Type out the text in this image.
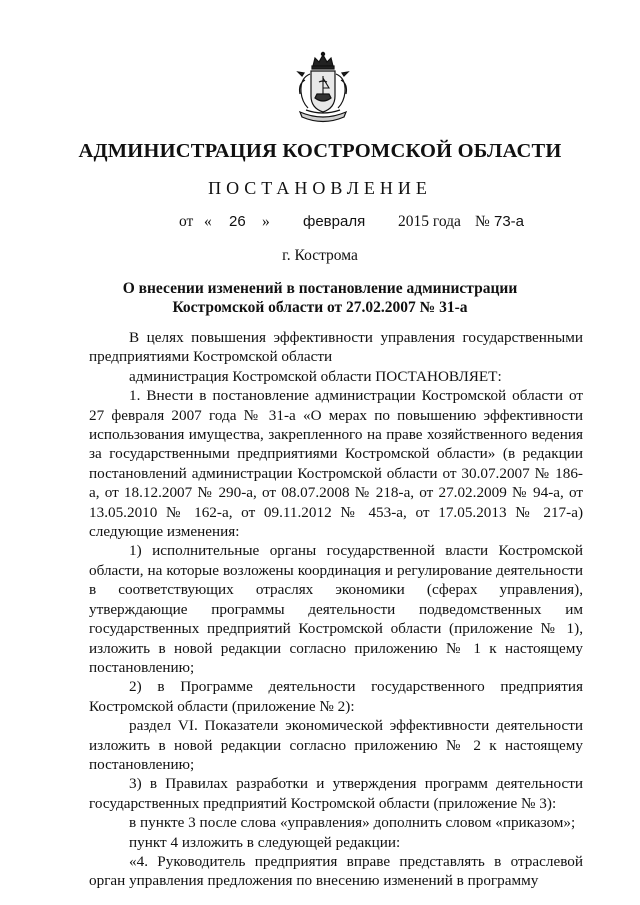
АДМИНИСТРАЦИЯ КОСТРОМСКОЙ ОБЛАСТИ
ПОСТАНОВЛЕНИЕ
от « 26 » февраля 2015 года № 73-а
г. Кострома
О внесении изменений в постановление администрации
Костромской области от 27.02.2007 № 31-а

В целях повышения эффективности управления государственными предприятиями Костромской области

администрация Костромской области ПОСТАНОВЛЯЕТ:

1. Внести в постановление администрации Костромской области от 27 февраля 2007 года № 31-а «О мерах по повышению эффективности использования имущества, закрепленного на праве хозяйственного ведения за государственными предприятиями Костромской области» (в редакции постановлений администрации Костромской области от 30.07.2007 № 186-а, от 18.12.2007 № 290-а, от 08.07.2008 № 218-а, от 27.02.2009 № 94-а, от 13.05.2010 № 162-а, от 09.11.2012 № 453-а, от 17.05.2013 № 217-а) следующие изменения:

1) исполнительные органы государственной власти Костромской области, на которые возложены координация и регулирование деятельности в соответствующих отраслях экономики (сферах управления), утверждающие программы деятельности подведомственных им государственных предприятий Костромской области (приложение № 1), изложить в новой редакции согласно приложению № 1 к настоящему постановлению;

2) в Программе деятельности государственного предприятия Костромской области (приложение № 2):

раздел VI. Показатели экономической эффективности деятельности изложить в новой редакции согласно приложению № 2 к настоящему постановлению;

3) в Правилах разработки и утверждения программ деятельности государственных предприятий Костромской области (приложение № 3):

в пункте 3 после слова «управления» дополнить словом «приказом»;

пункт 4 изложить в следующей редакции:

«4. Руководитель предприятия вправе представлять в отраслевой орган управления предложения по внесению изменений в программу
